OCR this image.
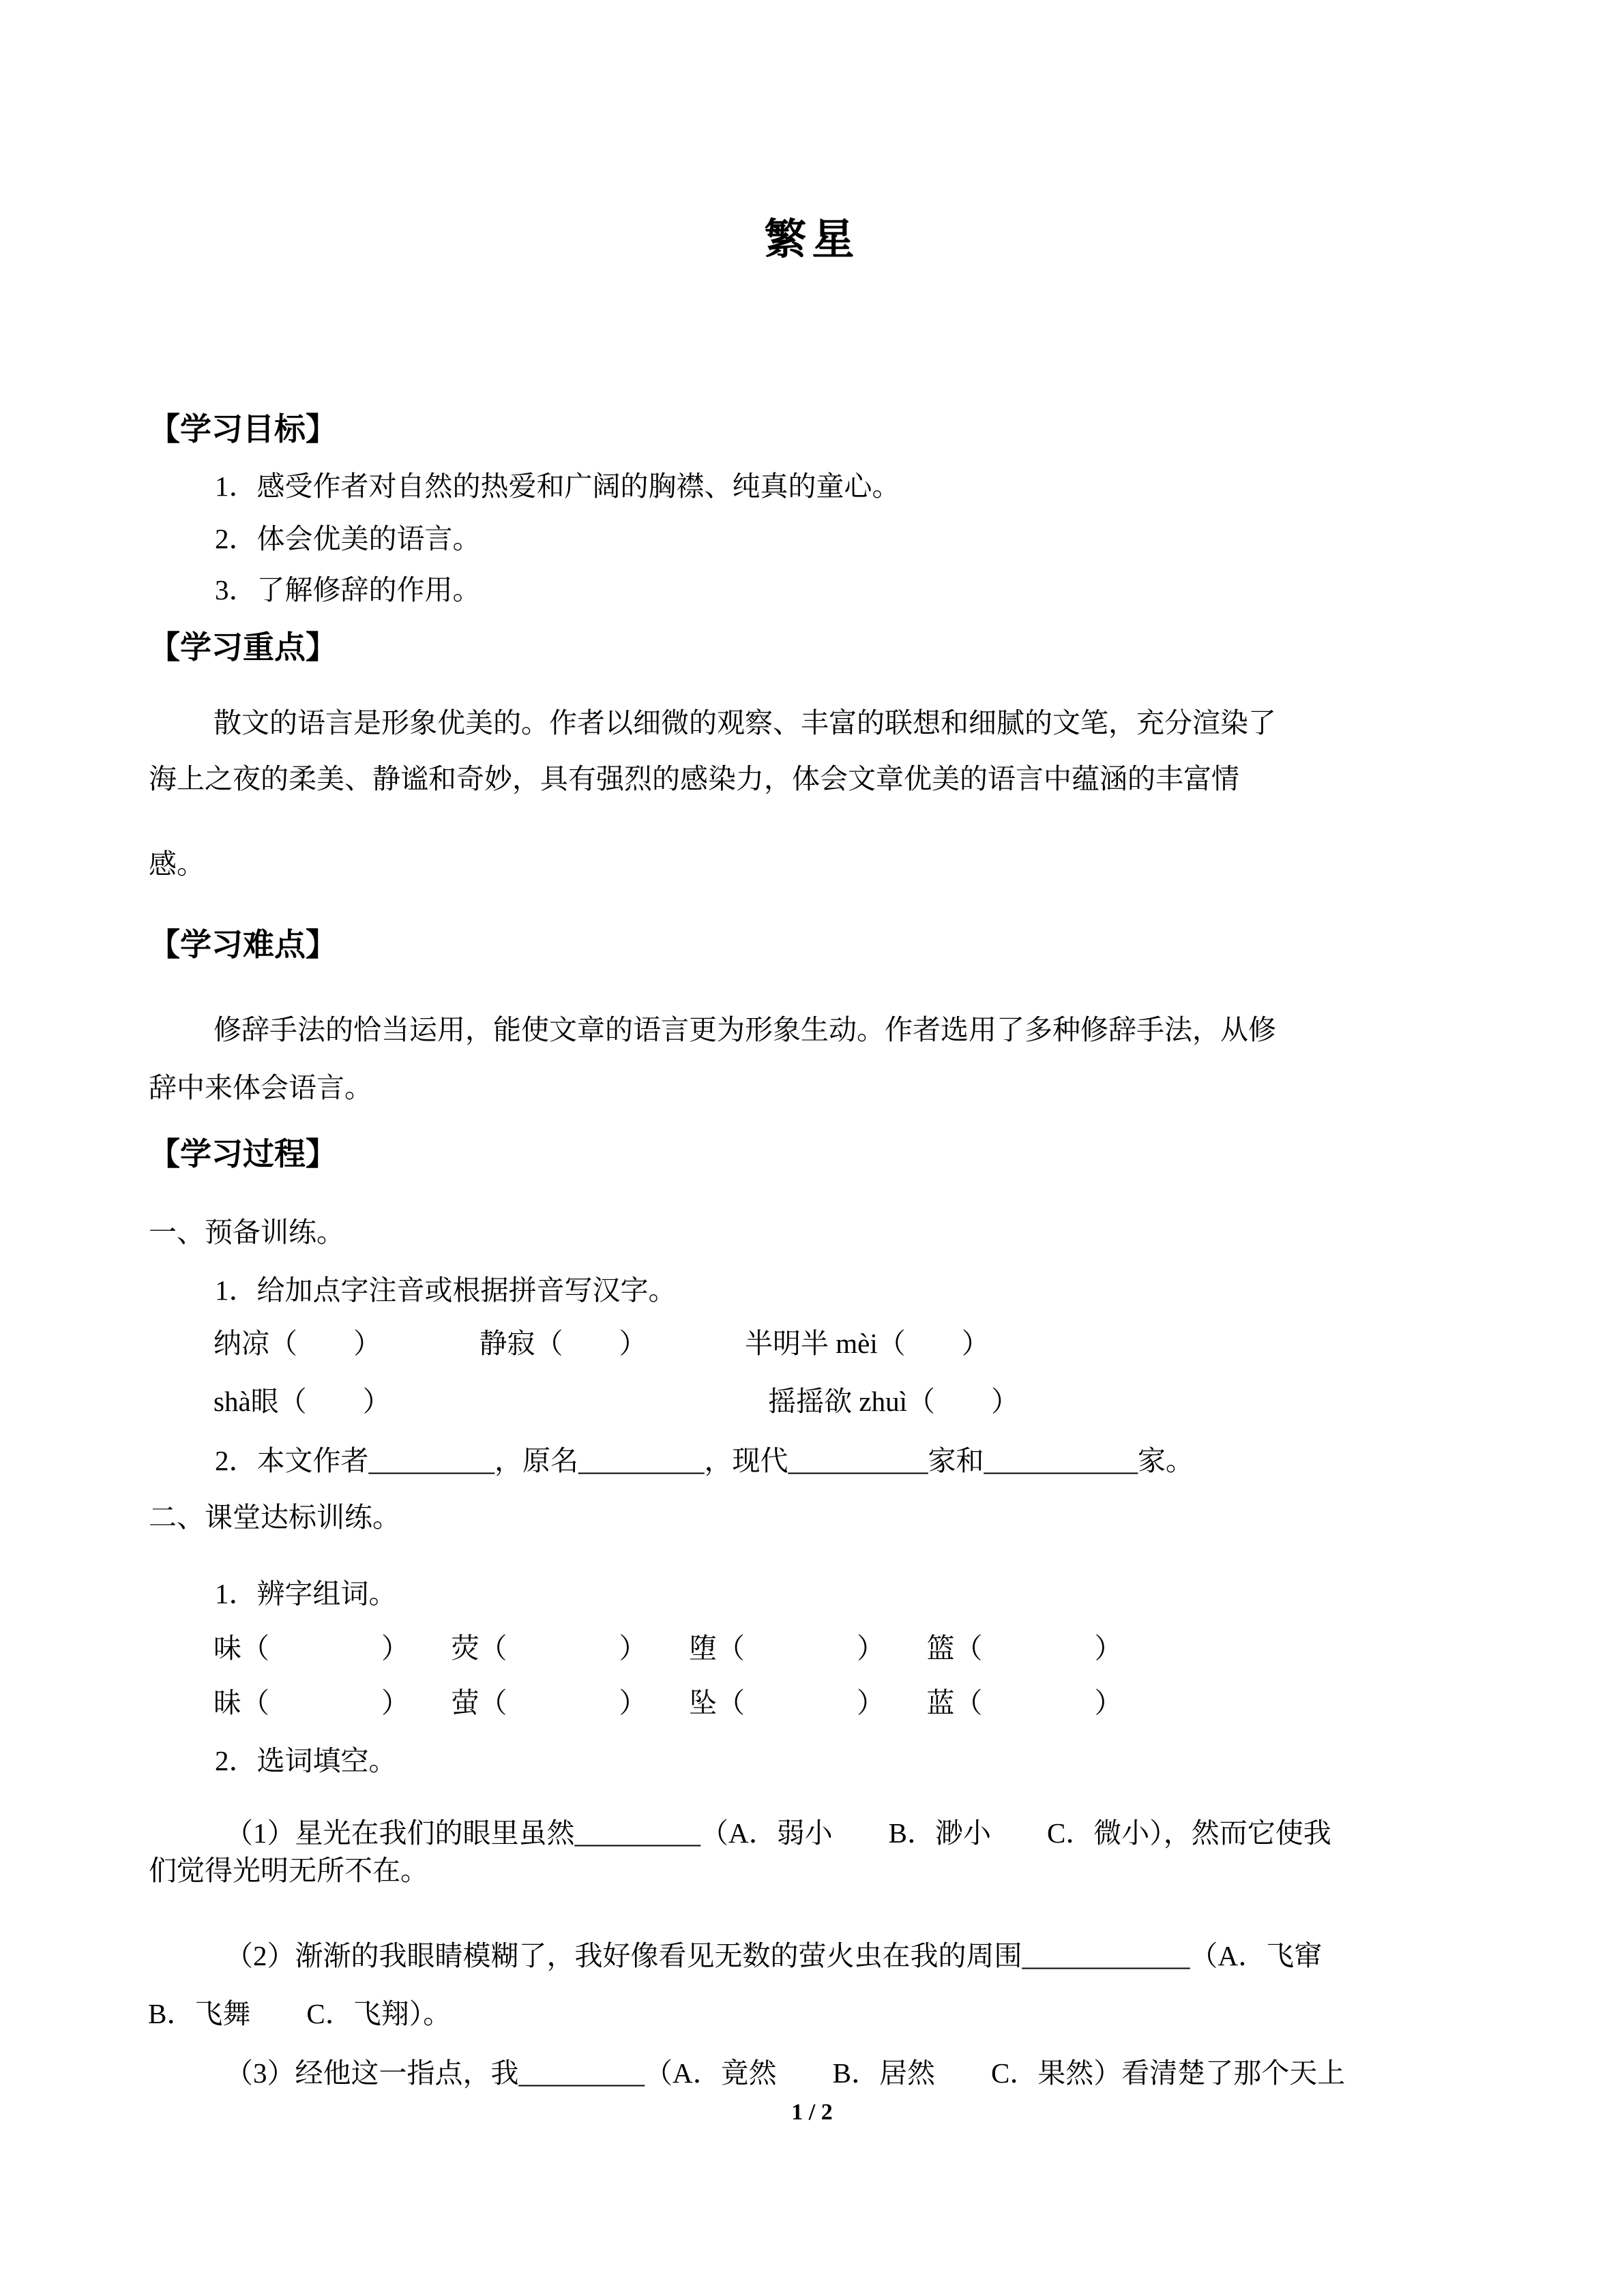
繁星
【学习目标】
1．感受作者对自然的热爱和广阔的胸襟、纯真的童心。
2．体会优美的语言。
3．了解修辞的作用。
【学习重点】
散文的语言是形象优美的。作者以细微的观察、丰富的联想和细腻的文笔，充分渲染了
海上之夜的柔美、静谧和奇妙，具有强烈的感染力，体会文章优美的语言中蕴涵的丰富情
感。
【学习难点】
修辞手法的恰当运用，能使文章的语言更为形象生动。作者选用了多种修辞手法，从修
辞中来体会语言。
【学习过程】
一、预备训练。
1．给加点字注音或根据拼音写汉字。
纳凉（　　）　　　　静寂（　　）　　　　半明半 mèi（　　）
shà眼（　　）　　　　　　　　　　　　　　摇摇欲 zhuì（　　）
2．本文作者_________，原名_________，现代__________家和___________家。
二、课堂达标训练。
1．辨字组词。
味（　　　　）　　荧（　　　　）　　堕（　　　　）　　篮（　　　　）
昧（　　　　）　　萤（　　　　）　　坠（　　　　）　　蓝（　　　　）
2．选词填空。
（1）星光在我们的眼里虽然_________（A．弱小　　B．渺小　　C．微小），然而它使我
们觉得光明无所不在。
（2）渐渐的我眼睛模糊了，我好像看见无数的萤火虫在我的周围____________（A．飞窜
B．飞舞　　C．飞翔）。
（3）经他这一指点，我_________（A．竟然　　B．居然　　C．果然）看清楚了那个天上
1 / 2
